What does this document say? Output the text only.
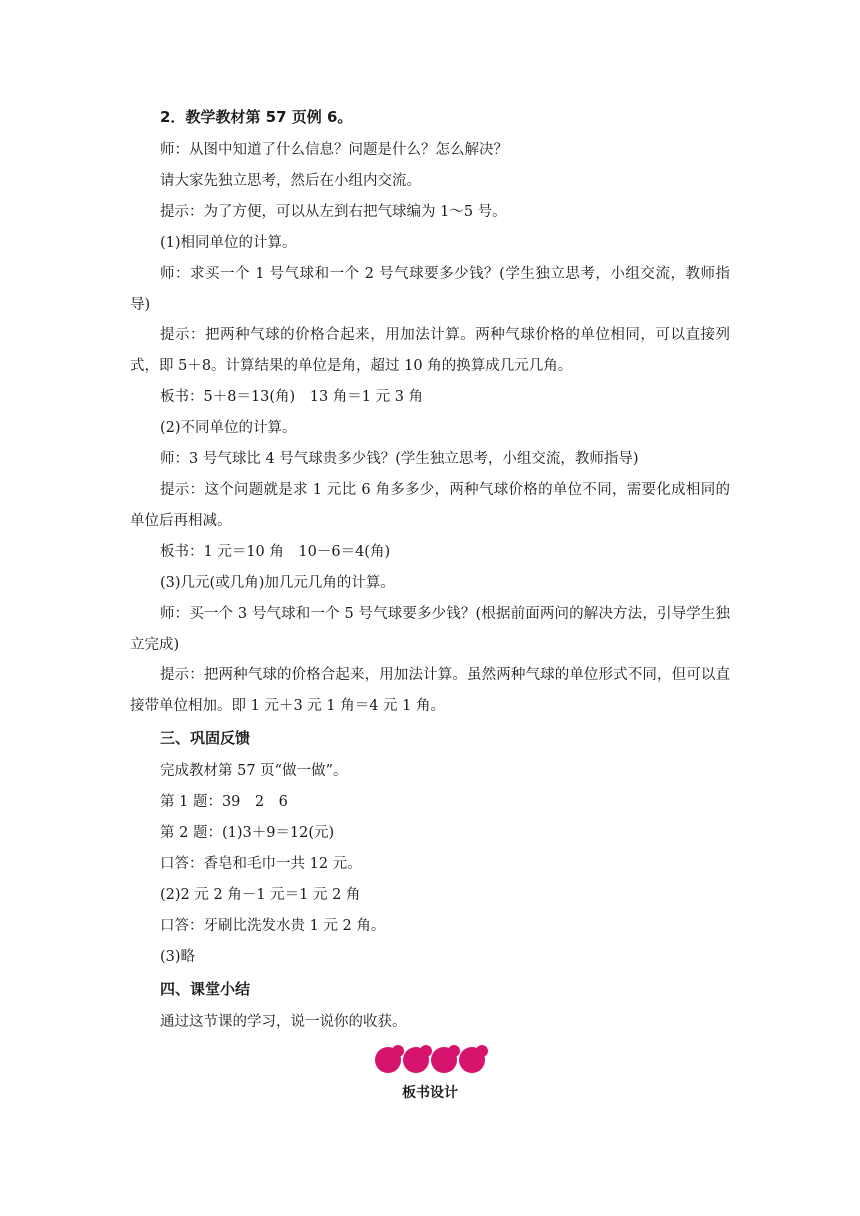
2．教学教材第 57 页例 6。
师：从图中知道了什么信息？问题是什么？怎么解决？
请大家先独立思考，然后在小组内交流。
提示：为了方便，可以从左到右把气球编为 1～5 号。
(1)相同单位的计算。
师：求买一个 1 号气球和一个 2 号气球要多少钱？(学生独立思考，小组交流，教师指导)
提示：把两种气球的价格合起来，用加法计算。两种气球价格的单位相同，可以直接列式，即 5＋8。计算结果的单位是角，超过 10 角的换算成几元几角。
板书：5＋8＝13(角)　13 角＝1 元 3 角
(2)不同单位的计算。
师：3 号气球比 4 号气球贵多少钱？(学生独立思考，小组交流，教师指导)
提示：这个问题就是求 1 元比 6 角多多少，两种气球价格的单位不同，需要化成相同的单位后再相减。
板书：1 元＝10 角　10－6＝4(角)
(3)几元(或几角)加几元几角的计算。
师：买一个 3 号气球和一个 5 号气球要多少钱？(根据前面两问的解决方法，引导学生独立完成)
提示：把两种气球的价格合起来，用加法计算。虽然两种气球的单位形式不同，但可以直接带单位相加。即 1 元＋3 元 1 角＝4 元 1 角。
三、巩固反馈
完成教材第 57 页“做一做”。
第 1 题：39　2　6
第 2 题：(1)3＋9＝12(元)
口答：香皂和毛巾一共 12 元。
(2)2 元 2 角－1 元＝1 元 2 角
口答：牙刷比洗发水贵 1 元 2 角。
(3)略
四、课堂小结
通过这节课的学习，说一说你的收获。
板书设计
